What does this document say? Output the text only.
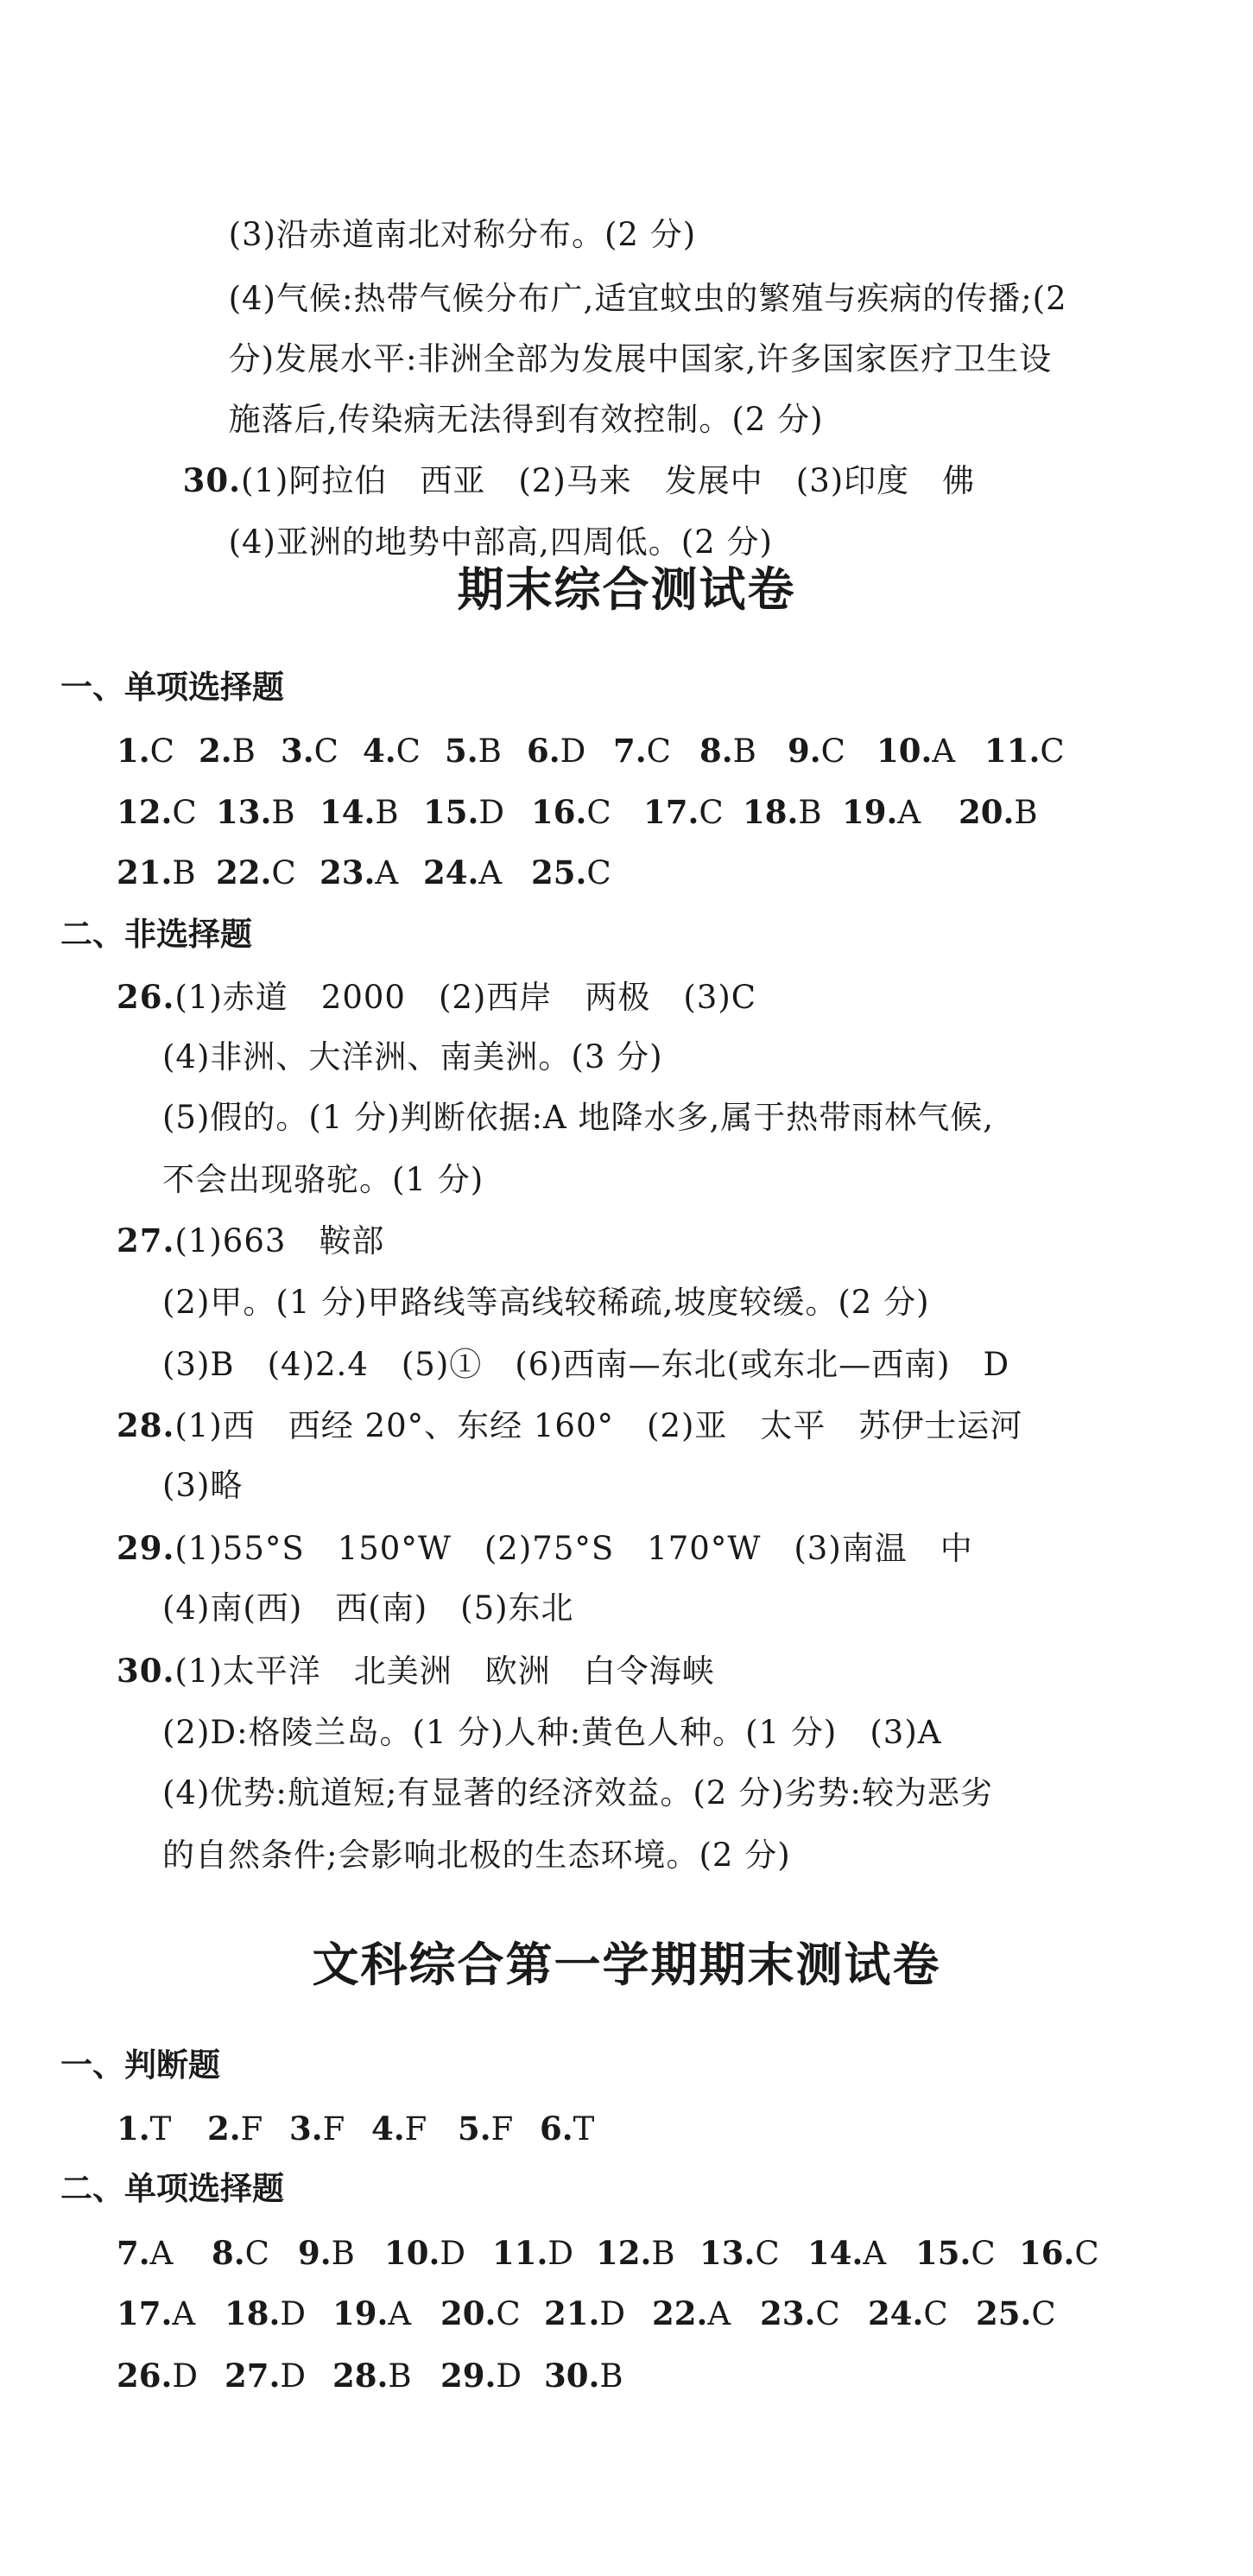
(3)沿赤道南北对称分布。(2 分)

(4)气候:热带气候分布广,适宜蚊虫的繁殖与疾病的传播;(2

分)发展水平:非洲全部为发展中国家,许多国家医疗卫生设

施落后,传染病无法得到有效控制。(2 分)

30.(1)阿拉伯　西亚　(2)马来　发展中　(3)印度　佛

(4)亚洲的地势中部高,四周低。(2 分)
期末综合测试卷
一、单项选择题
1.C 2.B 3.C 4.C 5.B 6.D 7.C 8.B 9.C 10.A 11.C
12.C 13.B 14.B 15.D 16.C 17.C 18.B 19.A 20.B
21.B 22.C 23.A 24.A 25.C
二、非选择题
26.(1)赤道　2000　(2)西岸　两极　(3)C
(4)非洲、大洋洲、南美洲。(3 分)
(5)假的。(1 分)判断依据:A 地降水多,属于热带雨林气候,
不会出现骆驼。(1 分)
27.(1)663　鞍部
(2)甲。(1 分)甲路线等高线较稀疏,坡度较缓。(2 分)
(3)B　(4)2.4　(5)①　(6)西南—东北(或东北—西南)　D
28.(1)西　西经 20°、东经 160°　(2)亚　太平　苏伊士运河
(3)略
29.(1)55°S　150°W　(2)75°S　170°W　(3)南温　中
(4)南(西)　西(南)　(5)东北
30.(1)太平洋　北美洲　欧洲　白令海峡
(2)D:格陵兰岛。(1 分)人种:黄色人种。(1 分)　(3)A
(4)优势:航道短;有显著的经济效益。(2 分)劣势:较为恶劣
的自然条件;会影响北极的生态环境。(2 分)
文科综合第一学期期末测试卷
一、判断题
1.T 2.F 3.F 4.F 5.F 6.T
二、单项选择题
7.A 8.C 9.B 10.D 11.D 12.B 13.C 14.A 15.C 16.C
17.A 18.D 19.A 20.C 21.D 22.A 23.C 24.C 25.C
26.D 27.D 28.B 29.D 30.B
